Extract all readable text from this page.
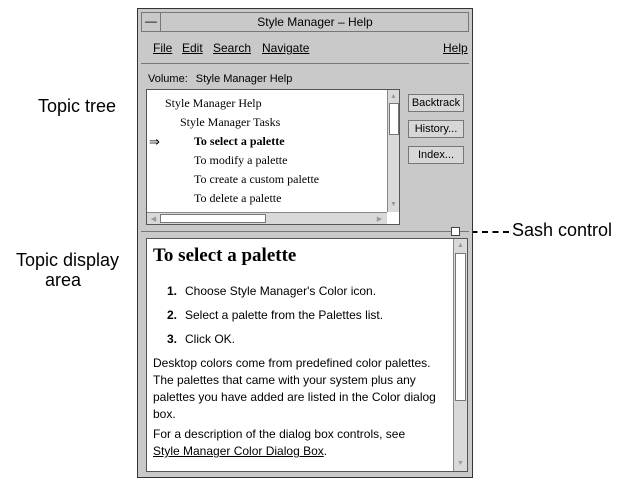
Topic tree
Topic display
area
Sash control
—	Style Manager – Help
File Edit Search Navigate	Help
Volume: Style Manager Help
Style Manager Help
Style Manager Tasks
⇒	To select a palette
To modify a palette
To create a custom palette
To delete a palette
▲
▼
◀	▶
Backtrack
History...
Index...
To select a palette
1. Choose Style Manager's Color icon.
2. Select a palette from the Palettes list.
3. Click OK.
Desktop colors come from predefined color palettes. The palettes that came with your system plus any palettes you have added are listed in the Color dialog box.
For a description of the dialog box controls, see
Style Manager Color Dialog Box.
▲
▼
